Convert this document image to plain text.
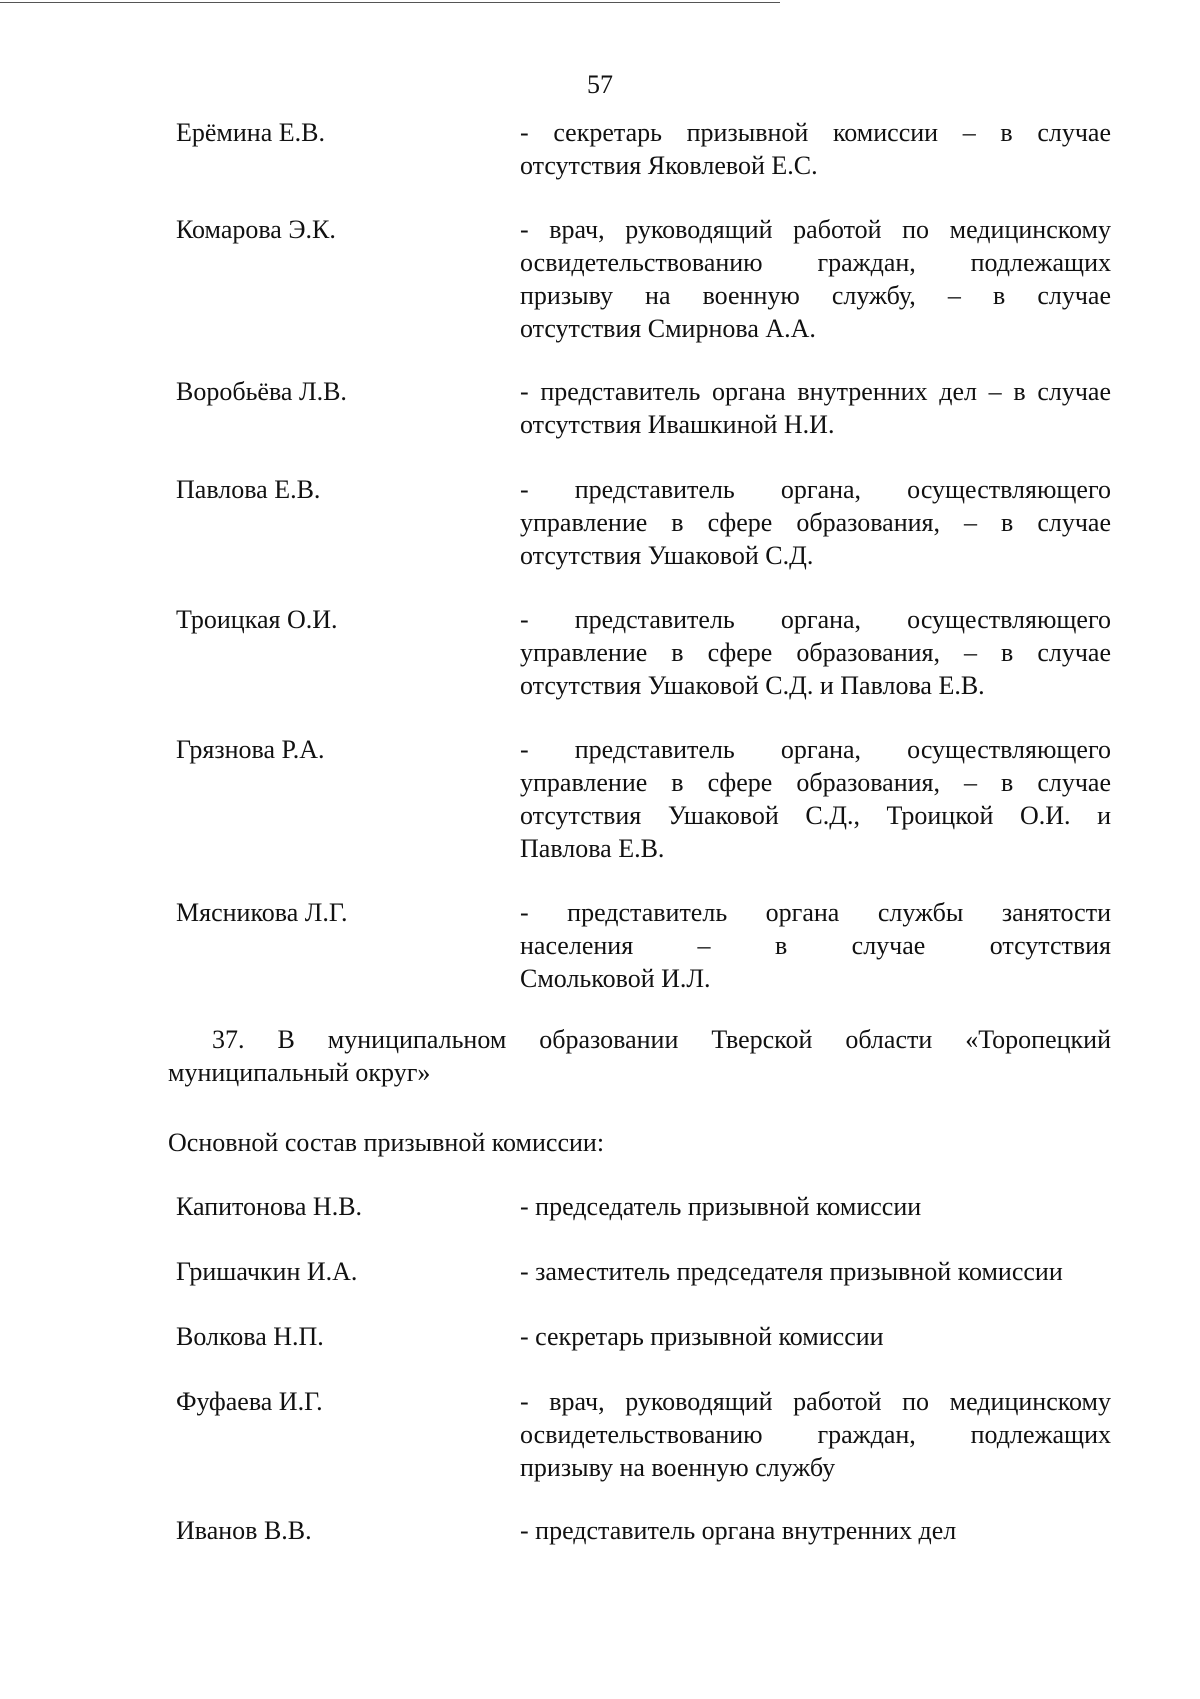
57
Ерёмина Е.В.	- секретарь призывной комиссии – в случае
отсутствия Яковлевой Е.С.
Комарова Э.К.	- врач, руководящий работой по медицинскому
освидетельствованию граждан, подлежащих
призыву на военную службу, – в случае
отсутствия Смирнова А.А.
Воробьёва Л.В.	- представитель органа внутренних дел – в случае
отсутствия Ивашкиной Н.И.
Павлова Е.В.	- представитель органа, осуществляющего
управление в сфере образования, – в случае
отсутствия Ушаковой С.Д.
Троицкая О.И.	- представитель органа, осуществляющего
управление в сфере образования, – в случае
отсутствия Ушаковой С.Д. и Павлова Е.В.
Грязнова Р.А.	- представитель органа, осуществляющего
управление в сфере образования, – в случае
отсутствия Ушаковой С.Д., Троицкой О.И. и
Павлова Е.В.
Мясникова Л.Г.	- представитель органа службы занятости
населения – в случае отсутствия
Смольковой И.Л.
37. В муниципальном образовании Тверской области «Торопецкий
муниципальный округ»
Основной состав призывной комиссии:
Капитонова Н.В.	- председатель призывной комиссии
Гришачкин И.А.	- заместитель председателя призывной комиссии
Волкова Н.П.	- секретарь призывной комиссии
Фуфаева И.Г.	- врач, руководящий работой по медицинскому
освидетельствованию граждан, подлежащих
призыву на военную службу
Иванов В.В.	- представитель органа внутренних дел
